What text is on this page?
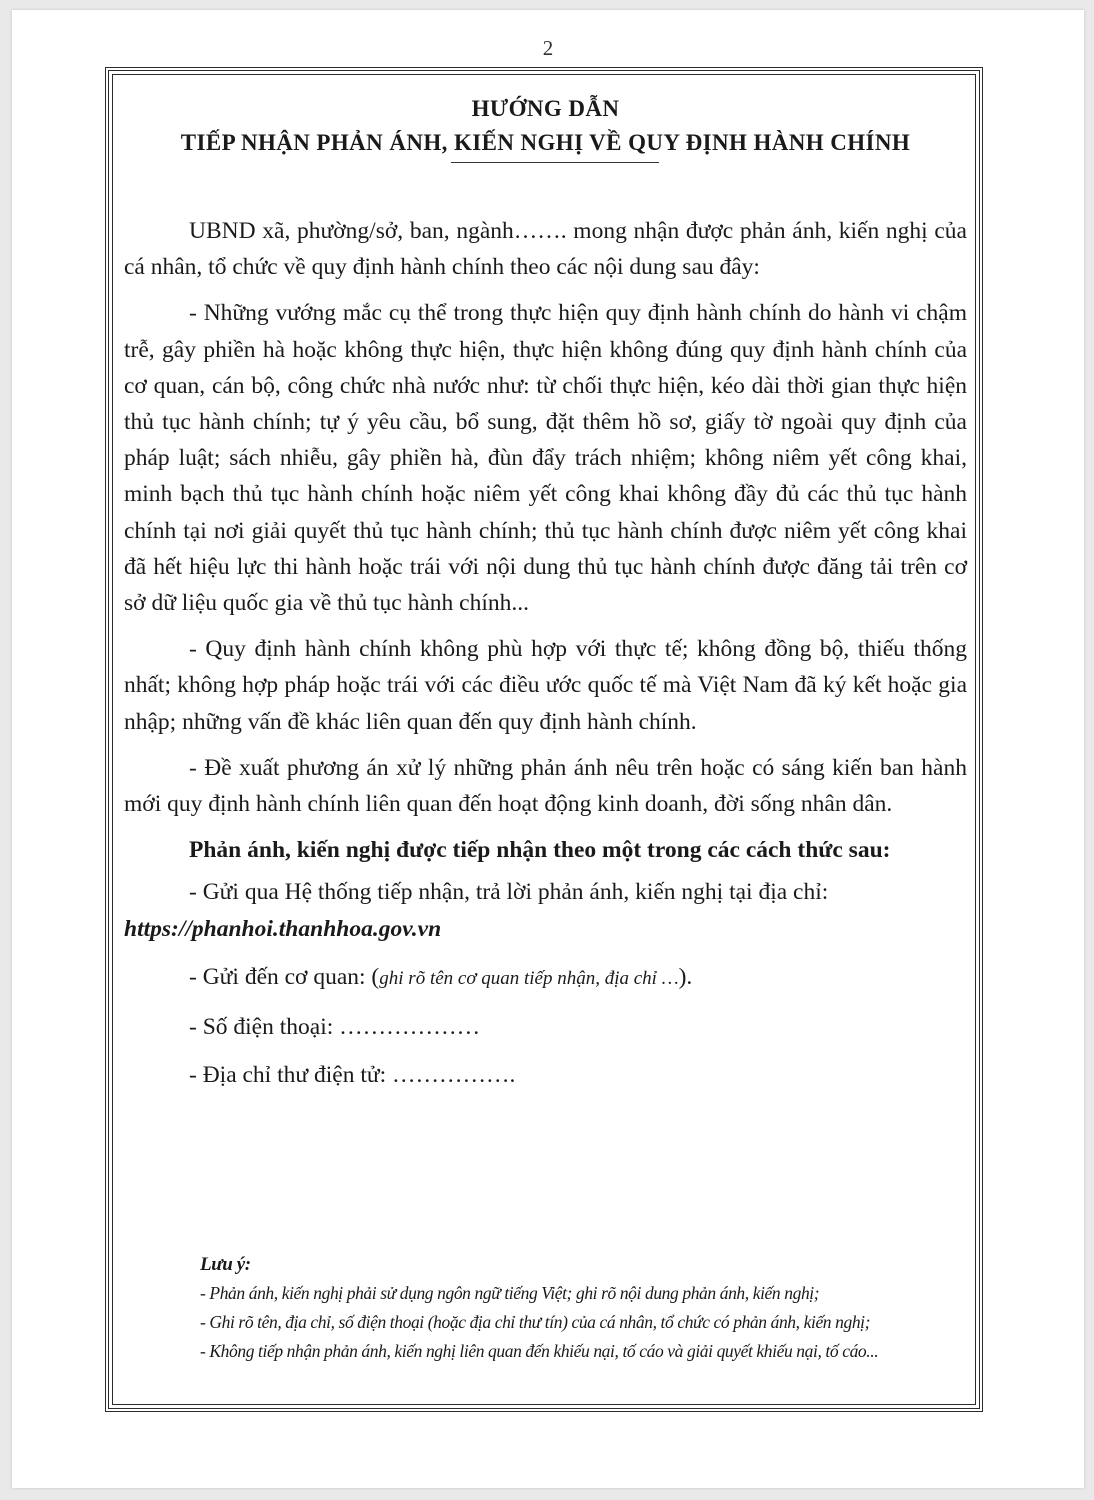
2

HƯỚNG DẪN

TIẾP NHẬN PHẢN ÁNH, KIẾN NGHỊ VỀ QUY ĐỊNH HÀNH CHÍNH

UBND xã, phường/sở, ban, ngành……. mong nhận được phản ánh, kiến nghị của cá nhân, tổ chức về quy định hành chính theo các nội dung sau đây:

- Những vướng mắc cụ thể trong thực hiện quy định hành chính do hành vi chậm trễ, gây phiền hà hoặc không thực hiện, thực hiện không đúng quy định hành chính của cơ quan, cán bộ, công chức nhà nước như: từ chối thực hiện, kéo dài thời gian thực hiện thủ tục hành chính; tự ý yêu cầu, bổ sung, đặt thêm hồ sơ, giấy tờ ngoài quy định của pháp luật; sách nhiễu, gây phiền hà, đùn đẩy trách nhiệm; không niêm yết công khai, minh bạch thủ tục hành chính hoặc niêm yết công khai không đầy đủ các thủ tục hành chính tại nơi giải quyết thủ tục hành chính; thủ tục hành chính được niêm yết công khai đã hết hiệu lực thi hành hoặc trái với nội dung thủ tục hành chính được đăng tải trên cơ sở dữ liệu quốc gia về thủ tục hành chính...

- Quy định hành chính không phù hợp với thực tế; không đồng bộ, thiếu thống nhất; không hợp pháp hoặc trái với các điều ước quốc tế mà Việt Nam đã ký kết hoặc gia nhập; những vấn đề khác liên quan đến quy định hành chính.

- Đề xuất phương án xử lý những phản ánh nêu trên hoặc có sáng kiến ban hành mới quy định hành chính liên quan đến hoạt động kinh doanh, đời sống nhân dân.

Phản ánh, kiến nghị được tiếp nhận theo một trong các cách thức sau:

- Gửi qua Hệ thống tiếp nhận, trả lời phản ánh, kiến nghị tại địa chỉ:
https://phanhoi.thanhhoa.gov.vn

- Gửi đến cơ quan: (ghi rõ tên cơ quan tiếp nhận, địa chỉ …).

- Số điện thoại: ………………

- Địa chỉ thư điện tử: …………….

Lưu ý:
- Phản ánh, kiến nghị phải sử dụng ngôn ngữ tiếng Việt; ghi rõ nội dung phản ánh, kiến nghị;
- Ghi rõ tên, địa chỉ, số điện thoại (hoặc địa chỉ thư tín) của cá nhân, tổ chức có phản ánh, kiến nghị;
- Không tiếp nhận phản ánh, kiến nghị liên quan đến khiếu nại, tố cáo và giải quyết khiếu nại, tố cáo...
